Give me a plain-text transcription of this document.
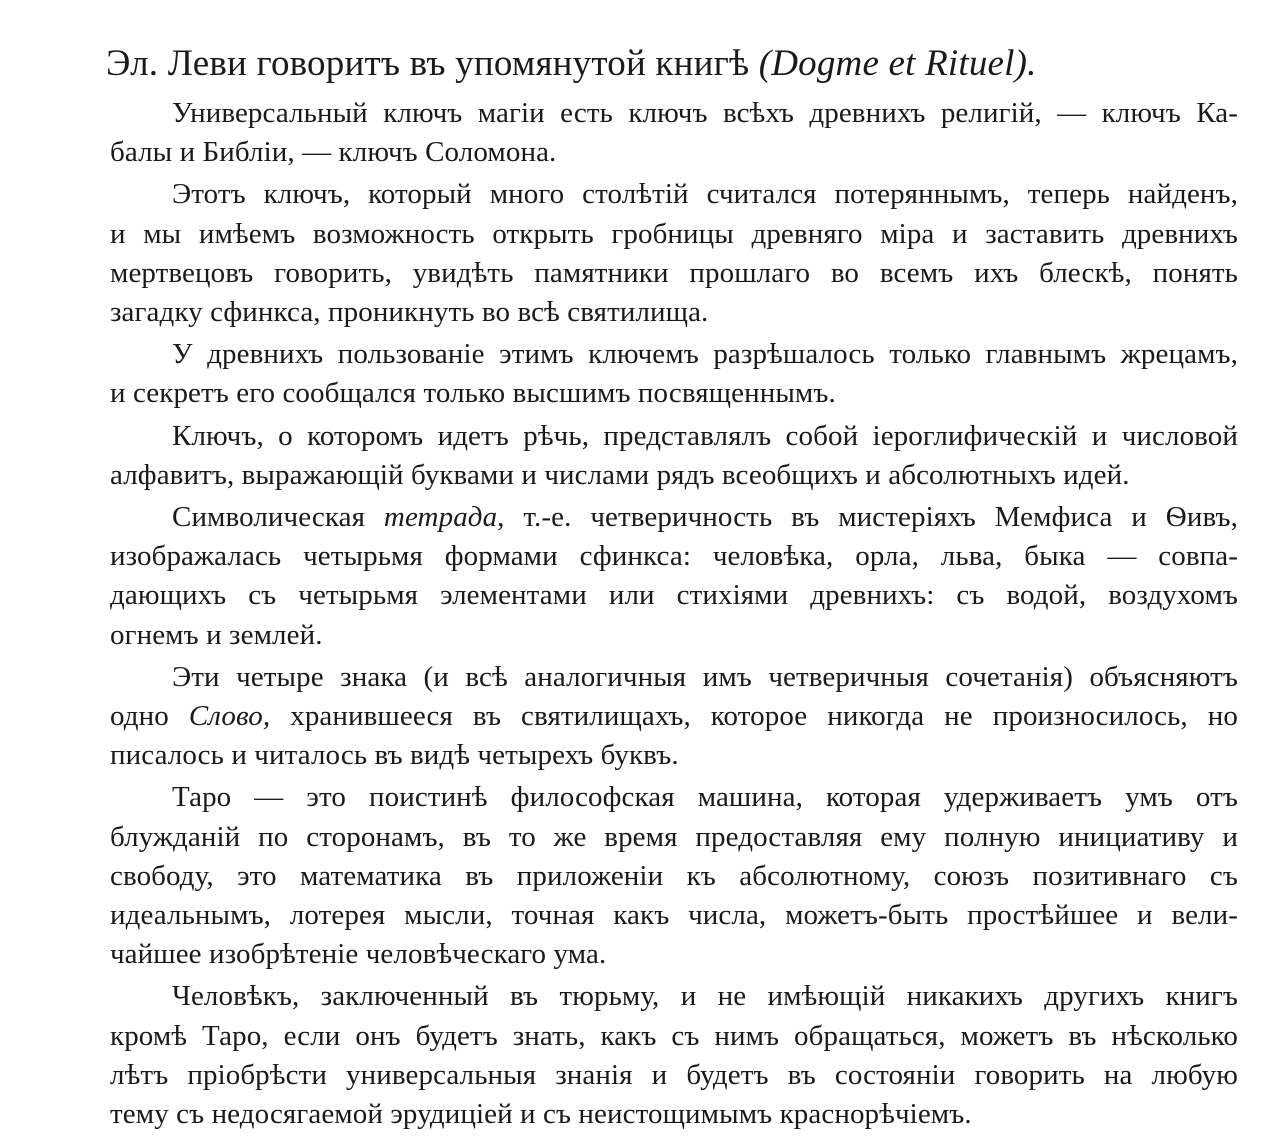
Эл. Леви говоритъ въ упомянутой книгѣ (Dogme et Rituel).
Универсальный ключъ магіи есть ключъ всѣхъ древнихъ религій, — ключъ Ка-
балы и Библіи, — ключъ Соломона.
Этотъ ключъ, который много столѣтій считался потеряннымъ, теперь найденъ,
и мы имѣемъ возможность открыть гробницы древняго міра и заставить древнихъ
мертвецовъ говорить, увидѣть памятники прошлаго во всемъ ихъ блескѣ, понять
загадку сфинкса, проникнуть во всѣ святилища.
У древнихъ пользованіе этимъ ключемъ разрѣшалось только главнымъ жрецамъ,
и секретъ его сообщался только высшимъ посвященнымъ.
Ключъ, о которомъ идетъ рѣчь, представлялъ собой іероглифическій и числовой
алфавитъ, выражающій буквами и числами рядъ всеобщихъ и абсолютныхъ идей.
Символическая тетрада, т.-е. четверичность въ мистеріяхъ Мемфиса и Ѳивъ,
изображалась четырьмя формами сфинкса: человѣка, орла, льва, быка — совпа-
дающихъ съ четырьмя элементами или стихіями древнихъ: съ водой, воздухомъ
огнемъ и землей.
Эти четыре знака (и всѣ аналогичныя имъ четверичныя сочетанія) объясняютъ
одно Слово, хранившееся въ святилищахъ, которое никогда не произносилось, но
писалось и читалось въ видѣ четырехъ буквъ.
Таро — это поистинѣ философская машина, которая удерживаетъ умъ отъ
блужданій по сторонамъ, въ то же время предоставляя ему полную инициативу и
свободу, это математика въ приложеніи къ абсолютному, союзъ позитивнаго съ
идеальнымъ, лотерея мысли, точная какъ числа, можетъ-быть простѣйшее и вели-
чайшее изобрѣтеніе человѣческаго ума.
Человѣкъ, заключенный въ тюрьму, и не имѣющій никакихъ другихъ книгъ
кромѣ Таро, если онъ будетъ знать, какъ съ нимъ обращаться, можетъ въ нѣсколько
лѣтъ пріобрѣсти универсальныя знанія и будетъ въ состояніи говорить на любую
тему съ недосягаемой эрудиціей и съ неистощимымъ краснорѣчіемъ.
